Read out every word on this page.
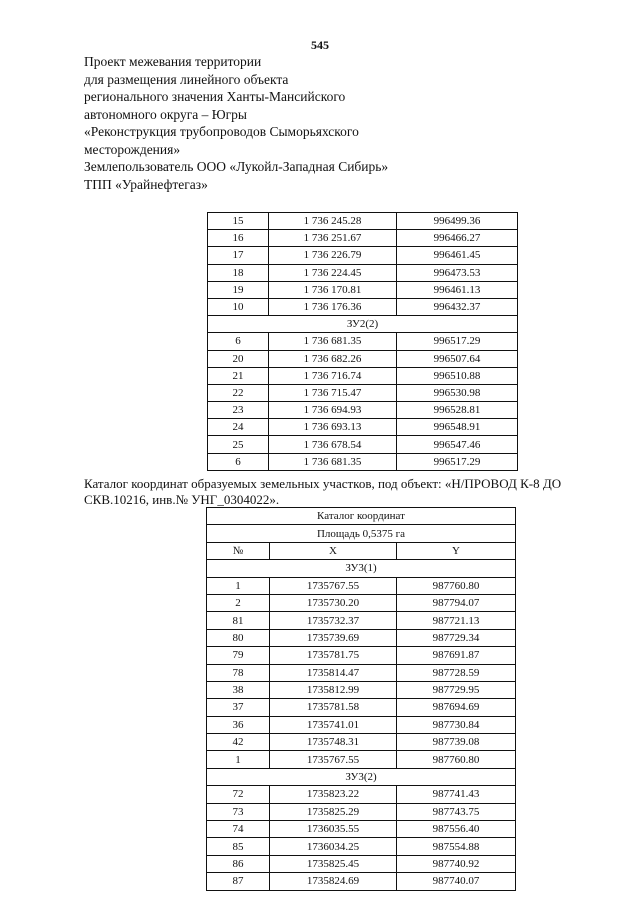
545
Проект межевания территории
для размещения линейного объекта
регионального значения Ханты-Мансийского
автономного округа – Югры
«Реконструкция трубопроводов Сыморьяхского
месторождения»
Землепользователь ООО «Лукойл-Западная Сибирь»
ТПП «Урайнефтегаз»
15	1 736 245.28	996499.36
16	1 736 251.67	996466.27
17	1 736 226.79	996461.45
18	1 736 224.45	996473.53
19	1 736 170.81	996461.13
10	1 736 176.36	996432.37
ЗУ2(2)		
6	1 736 681.35	996517.29
20	1 736 682.26	996507.64
21	1 736 716.74	996510.88
22	1 736 715.47	996530.98
23	1 736 694.93	996528.81
24	1 736 693.13	996548.91
25	1 736 678.54	996547.46
6	1 736 681.35	996517.29
Каталог координат образуемых земельных участков, под объект: «Н/ПРОВОД К-8 ДО
СКВ.10216, инв.№ УНГ_0304022».
Каталог координат		
Площадь 0,5375 га		
№	X	Y
ЗУ3(1)		
1	1735767.55	987760.80
2	1735730.20	987794.07
81	1735732.37	987721.13
80	1735739.69	987729.34
79	1735781.75	987691.87
78	1735814.47	987728.59
38	1735812.99	987729.95
37	1735781.58	987694.69
36	1735741.01	987730.84
42	1735748.31	987739.08
1	1735767.55	987760.80
ЗУ3(2)		
72	1735823.22	987741.43
73	1735825.29	987743.75
74	1736035.55	987556.40
85	1736034.25	987554.88
86	1735825.45	987740.92
87	1735824.69	987740.07
